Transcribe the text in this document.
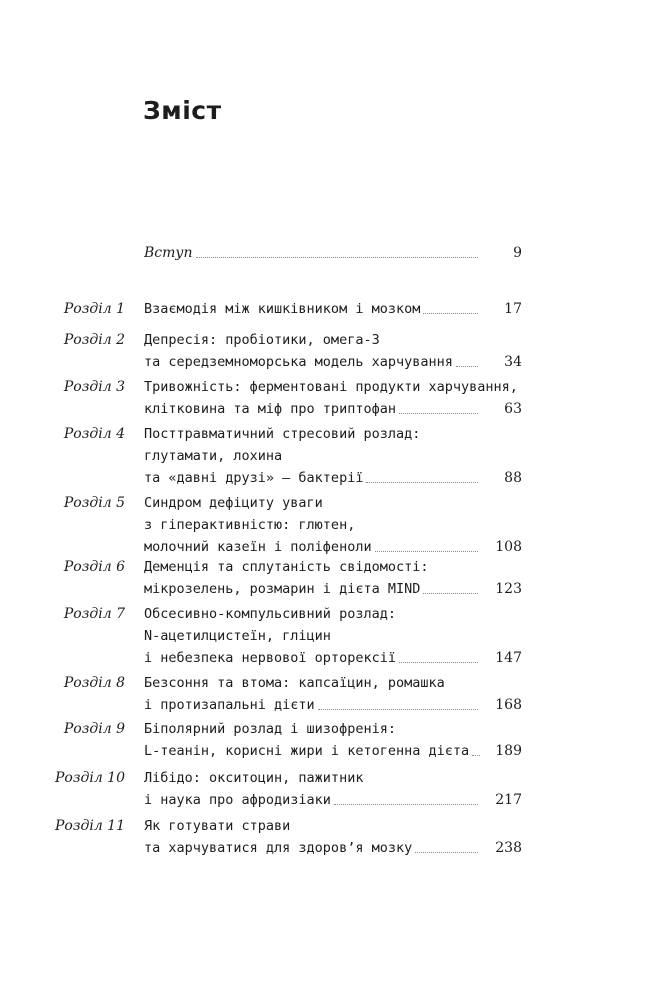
Зміст
Вступ	9
Розділ 1 Взаємодія між кишківником і мозком	17
Розділ 2 Депресія: пробіотики, омега-3
та середземноморська модель харчування	34
Розділ 3 Тривожність: ферментовані продукти харчування,
клітковина та міф про триптофан	63
Розділ 4 Посттравматичний стресовий розлад:
глутамати, лохина
та «давні друзі» — бактерії	88
Розділ 5 Синдром дефіциту уваги
з гіперактивністю: глютен,
молочний казеїн і поліфеноли	108
Розділ 6 Деменція та сплутаність свідомості:
мікрозелень, розмарин і дієта MIND	123
Розділ 7 Обсесивно-компульсивний розлад:
N-ацетилцистеїн, гліцин
і небезпека нервової орторексії	147
Розділ 8 Безсоння та втома: капсаїцин, ромашка
і протизапальні дієти	168
Розділ 9 Біполярний розлад і шизофренія:
L-теанін, корисні жири і кетогенна дієта 189
Розділ 10 Лібідо: окситоцин, пажитник
і наука про афродизіаки	217
Розділ 11 Як готувати страви
та харчуватися для здоров’я мозку	238
